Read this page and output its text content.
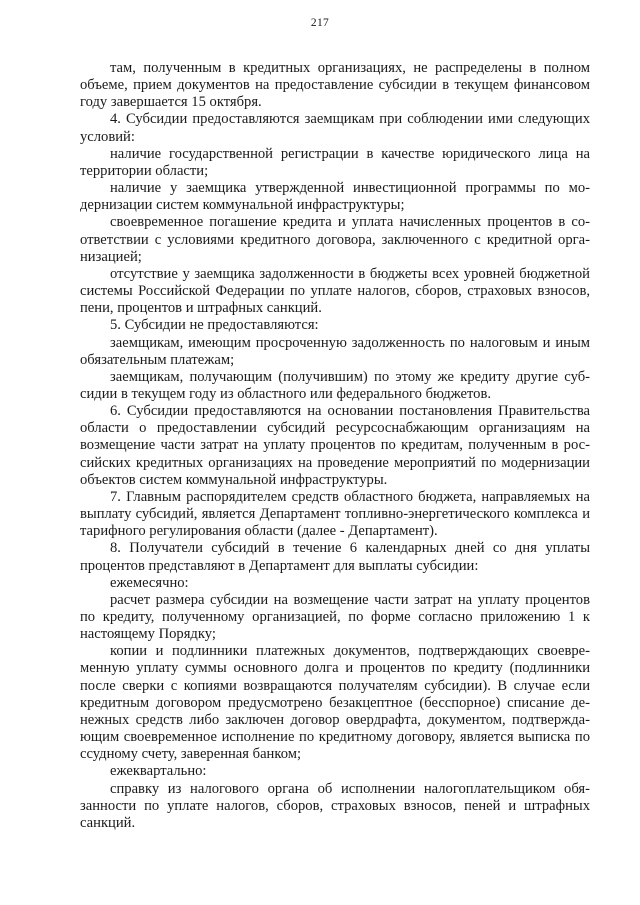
217

там, полученным в кредитных организациях, не распределены в полном объеме, прием документов на предоставление субсидии в текущем финансовом году завершается 15 октября.

4. Субсидии предоставляются заемщикам при соблюдении ими следующих условий:

наличие государственной регистрации в качестве юридического лица на территории области;

наличие у заемщика утвержденной инвестиционной программы по модернизации систем коммунальной инфраструктуры;

своевременное погашение кредита и уплата начисленных процентов в соответствии с условиями кредитного договора, заключенного с кредитной организацией;

отсутствие у заемщика задолженности в бюджеты всех уровней бюджетной системы Российской Федерации по уплате налогов, сборов, страховых взносов, пени, процентов и штрафных санкций.

5. Субсидии не предоставляются:

заемщикам, имеющим просроченную задолженность по налоговым и иным обязательным платежам;

заемщикам, получающим (получившим) по этому же кредиту другие субсидии в текущем году из областного или федерального бюджетов.

6. Субсидии предоставляются на основании постановления Правительства области о предоставлении субсидий ресурсоснабжающим организациям на возмещение части затрат на уплату процентов по кредитам, полученным в российских кредитных организациях на проведение мероприятий по модернизации объектов систем коммунальной инфраструктуры.

7. Главным распорядителем средств областного бюджета, направляемых на выплату субсидий, является Департамент топливно-энергетического комплекса и тарифного регулирования области (далее - Департамент).

8. Получатели субсидий в течение 6 календарных дней со дня уплаты процентов представляют в Департамент для выплаты субсидии:

ежемесячно:

расчет размера субсидии на возмещение части затрат на уплату процентов по кредиту, полученному организацией, по форме согласно приложению 1 к настоящему Порядку;

копии и подлинники платежных документов, подтверждающих своевременную уплату суммы основного долга и процентов по кредиту (подлинники после сверки с копиями возвращаются получателям субсидии). В случае если кредитным договором предусмотрено безакцептное (бесспорное) списание денежных средств либо заключен договор овердрафта, документом, подтверждающим своевременное исполнение по кредитному договору, является выписка по ссудному счету, заверенная банком;

ежеквартально:

справку из налогового органа об исполнении налогоплательщиком обязанности по уплате налогов, сборов, страховых взносов, пеней и штрафных санкций.
